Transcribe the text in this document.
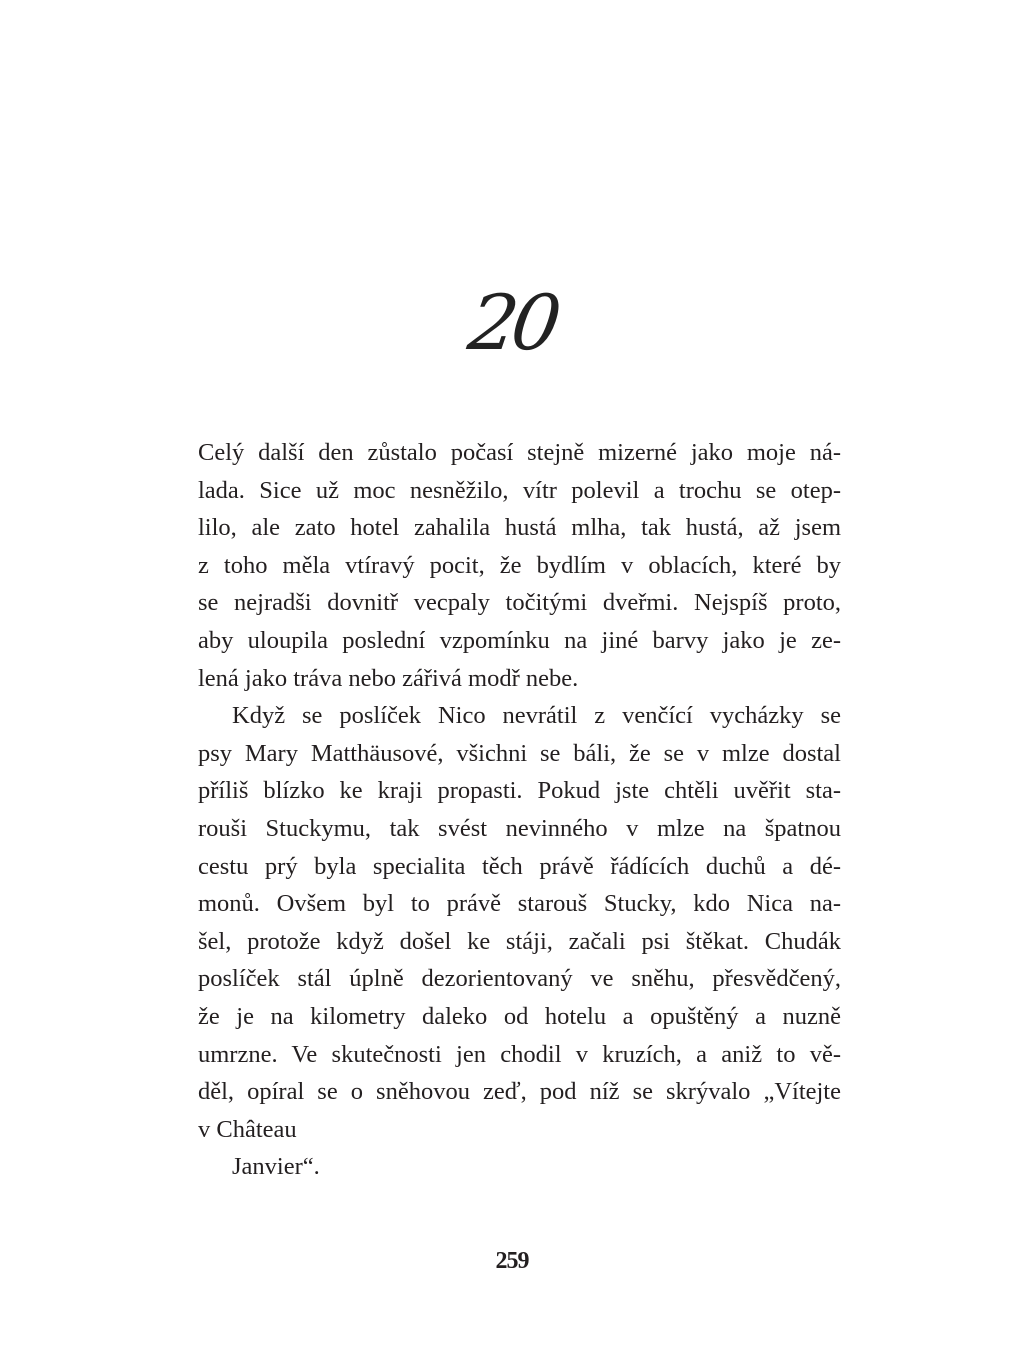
20
Celý další den zůstalo počasí stejně mizerné jako moje ná-
lada. Sice už moc nesněžilo, vítr polevil a trochu se otep-
lilo, ale zato hotel zahalila hustá mlha, tak hustá, až jsem
z toho měla vtíravý pocit, že bydlím v oblacích, které by
se nejradši dovnitř vecpaly točitými dveřmi. Nejspíš proto,
aby uloupila poslední vzpomínku na jiné barvy jako je ze-
lená jako tráva nebo zářivá modř nebe.
Když se poslíček Nico nevrátil z venčící vycházky se
psy Mary Matthäusové, všichni se báli, že se v mlze dostal
příliš blízko ke kraji propasti. Pokud jste chtěli uvěřit sta-
rouši Stuckymu, tak svést nevinného v mlze na špatnou
cestu prý byla specialita těch právě řádících duchů a dé-
monů. Ovšem byl to právě starouš Stucky, kdo Nica na-
šel, protože když došel ke stáji, začali psi štěkat. Chudák
poslíček stál úplně dezorientovaný ve sněhu, přesvědčený,
že je na kilometry daleko od hotelu a opuštěný a nuzně
umrzne. Ve skutečnosti jen chodil v kruzích, a aniž to vě-
děl, opíral se o sněhovou zeď, pod níž se skrývalo „Vítejte
v Château
Janvier“.
259
